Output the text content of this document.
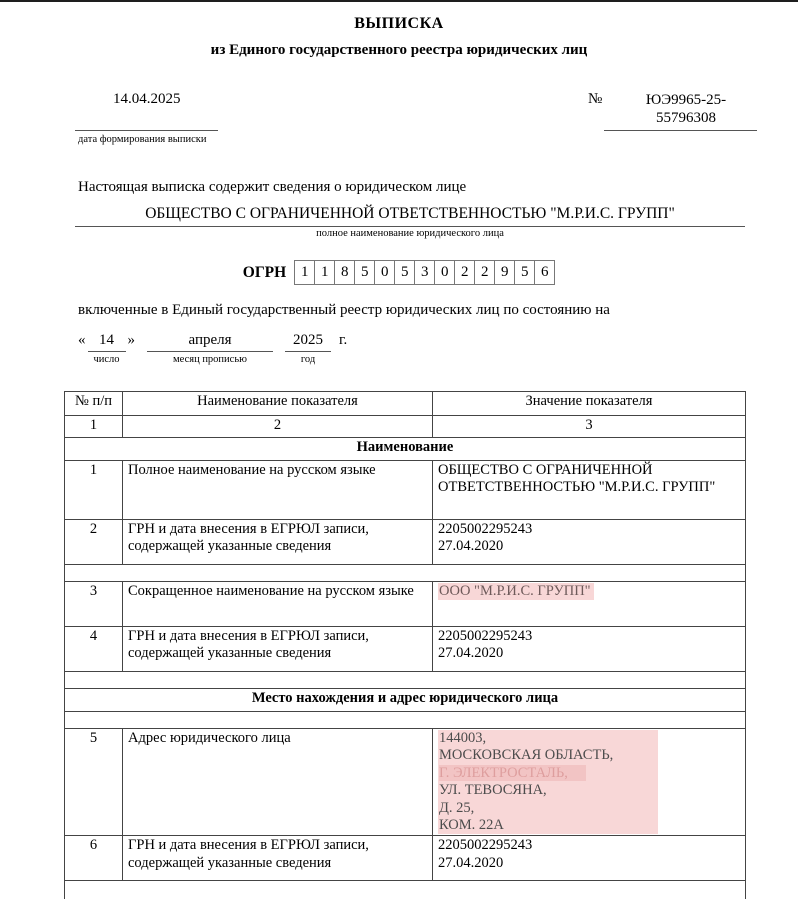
ВЫПИСКА
из Единого государственного реестра юридических лиц
14.04.2025	№	ЮЭ9965-25-
55796308
дата формирования выписки
Настоящая выписка содержит сведения о юридическом лице
ОБЩЕСТВО С ОГРАНИЧЕННОЙ ОТВЕТСТВЕННОСТЬЮ "М.Р.И.С. ГРУПП"
полное наименование юридического лица
ОГРН 1 1 8 5 0 5 3 0 2 2 9 5 6
включенные в Единый государственный реестр юридических лиц по состоянию на
« 14
число
»	апреля
месяц прописью
2025
год
г.
№ п/п	Наименование показателя	Значение показателя
1	2	3
Наименование		
1	Полное наименование на русском языке	ОБЩЕСТВО С ОГРАНИЧЕННОЙ ОТВЕТСТВЕННОСТЬЮ "М.Р.И.С. ГРУПП"
2	ГРН и дата внесения в ЕГРЮЛ записи, содержащей указанные сведения	2205002295243
27.04.2020

3	Сокращенное наименование на русском языке	ООО "М.Р.И.С. ГРУПП"
4	ГРН и дата внесения в ЕГРЮЛ записи, содержащей указанные сведения	2205002295243
27.04.2020

Место нахождения и адрес юридического лица		

5	Адрес юридического лица	144003,
МОСКОВСКАЯ ОБЛАСТЬ,
Г. ЭЛЕКТРОСТАЛЬ,
УЛ. ТЕВОСЯНА,
Д. 25,
КОМ. 22А

6	ГРН и дата внесения в ЕГРЮЛ записи, содержащей указанные сведения	2205002295243
27.04.2020
